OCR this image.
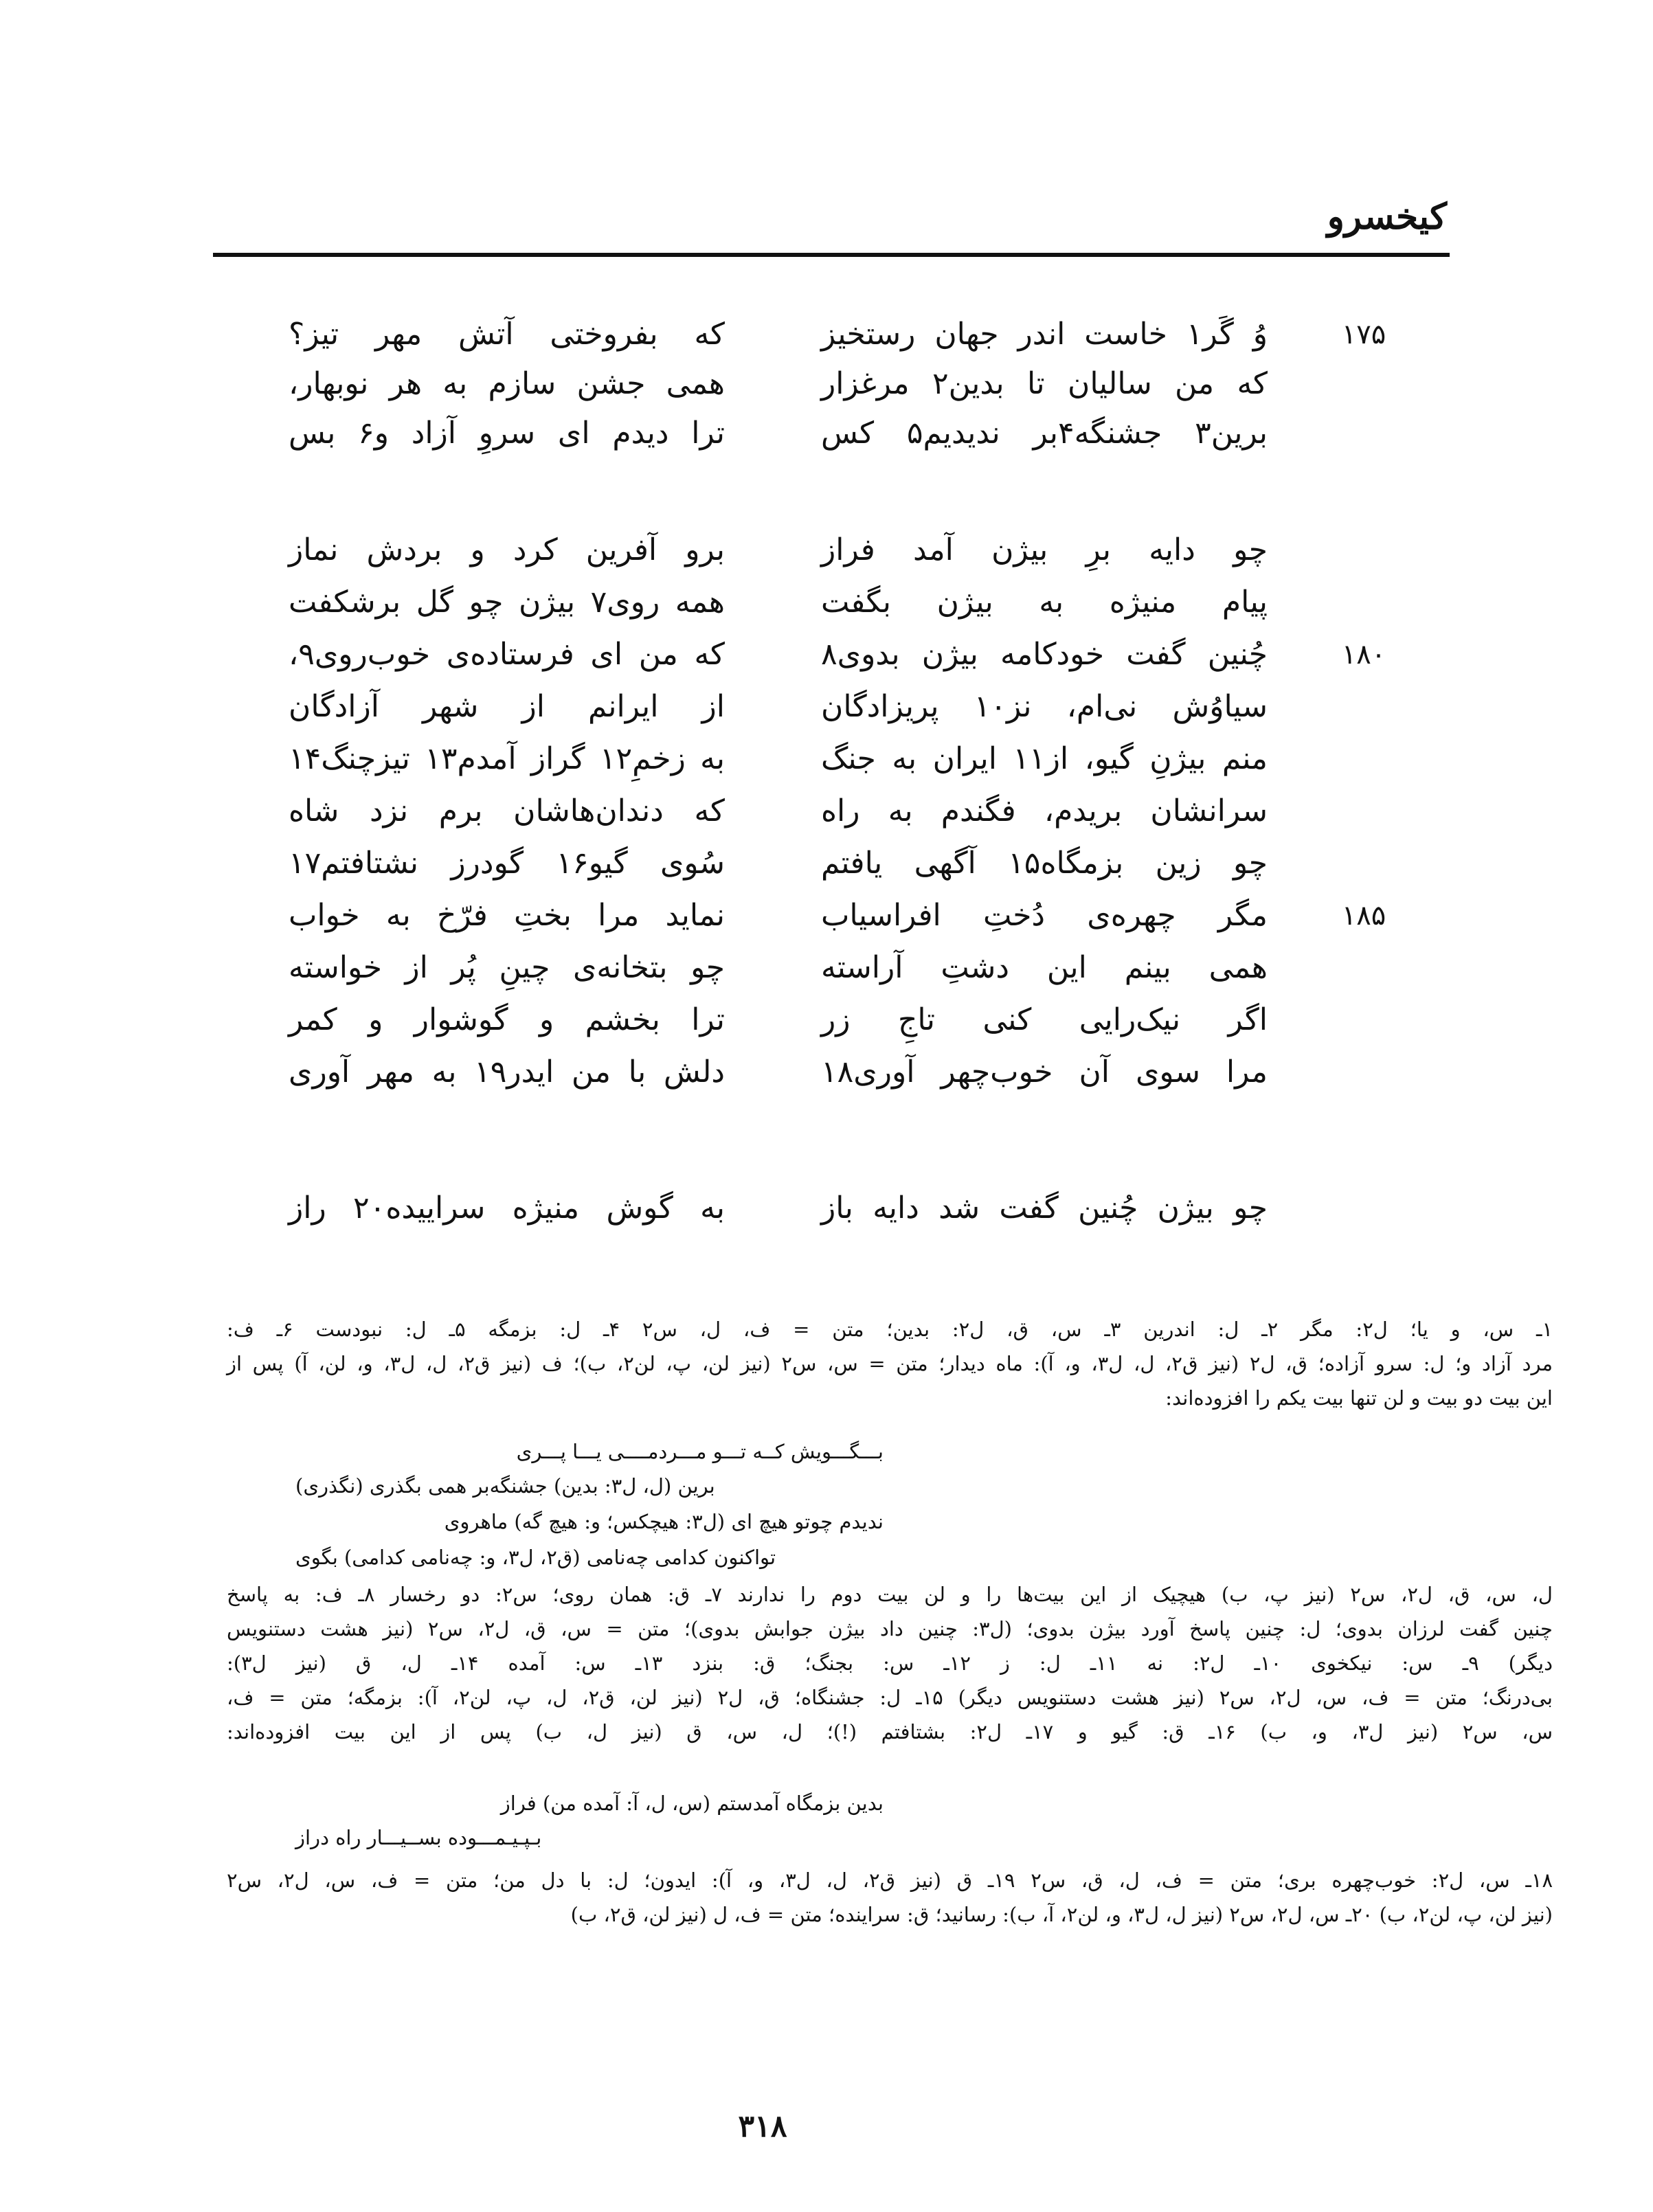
کیخسرو
۱۷۵
وُ گَر۱ خاست اندر جهان رستخیز
که بفروختی آتش مهر تیز؟
که من سالیان تا بدین۲ مرغزار
همی جشن سازم به هر نوبهار،
برین۳ جشنگه۴بر ندیدیم۵ کس
ترا دیدم ای سروِ آزاد و۶ بس
چو دایه برِ بیژن آمد فراز
برو آفرین کرد و بردش نماز
پیام منیژه به بیژن بگفت
همه روی۷ بیژن چو گل برشکفت
۱۸۰
چُنین گفت خودکامه بیژن بدوی۸
که من ای فرستاده‌ی خوب‌روی۹،
سیاوُش نی‌ام، نز۱۰ پریزادگان
از ایرانم از شهر آزادگان
منم بیژنِ گیو، از۱۱ ایران به جنگ
به زخمِ۱۲ گراز آمدم۱۳ تیزچنگ۱۴
سرانشان بریدم، فگندم به راه
که دندان‌هاشان برم نزد شاه
چو زین بزمگاه۱۵ آگهی یافتم
سُوی گیو۱۶ گودرز نشتافتم۱۷
۱۸۵
مگر چهره‌ی دُختِ افراسیاب
نماید مرا بختِ فرّخ به خواب
همی بینم این دشتِ آراسته
چو بتخانه‌ی چینِ پُر از خواسته
اگر نیک‌رایی کنی تاجِ زر
ترا بخشم و گوشوار و کمر
مرا سوی آن خوب‌چهر آوری۱۸
دلش با من ایدر۱۹ به مهر آوری
چو بیژن چُنین گفت شد دایه باز
به گوش منیژه سراییده۲۰ راز
۱ـ س، و یا؛ ل۲: مگر ۲ـ ل: اندرین ۳ـ س، ق، ل۲: بدین؛ متن = ف، ل، س۲ ۴ـ ل: بزمگه ۵ـ ل: نبودست ۶ـ ف:
مرد آزاد و؛ ل: سرو آزاده؛ ق، ل۲ (نیز ق۲، ل، ل۳، و، آ): ماه دیدار؛ متن = س، س۲ (نیز لن، پ، لن۲، ب)؛ ف (نیز ق۲، ل، ل۳، و، لن، آ) پس از
این بیت دو بیت و لن تنها بیت یکم را افزوده‌اند:
بـــگـــویش کــه تـــو مـــردمــــی یـــا پـــری
برین (ل، ل۳: بدین) جشنگه‌بر همی بگذری (نگذری)
ندیدم چوتو هیچ ای (ل۳: هیچکس؛ و: هیچ گه) ماهروی
تواکنون کدامی چه‌نامی (ق۲، ل۳، و: چه‌نامی کدامی) بگوی
ل، س، ق، ل۲، س۲ (نیز پ، ب) هیچیک از این بیت‌ها را و لن بیت دوم را ندارند ۷ـ ق: همان روی؛ س۲: دو رخسار ۸ـ ف: به پاسخ
چنین گفت لرزان بدوی؛ ل: چنین پاسخ آورد بیژن بدوی؛ (ل۳: چنین داد بیژن جوابش بدوی)؛ متن = س، ق، ل۲، س۲ (نیز هشت دستنویس
دیگر) ۹ـ س: نیکخوی ۱۰ـ ل۲: نه ۱۱ـ ل: ز ۱۲ـ س: بجنگ؛ ق: بنزد ۱۳ـ س: آمده ۱۴ـ ل، ق (نیز ل۳):
بی‌درنگ؛ متن = ف، س، ل۲، س۲ (نیز هشت دستنویس دیگر) ۱۵ـ ل: جشنگاه؛ ق، ل۲ (نیز لن، ق۲، ل، پ، لن۲، آ): بزمگه؛ متن = ف،
س، س۲ (نیز ل۳، و، ب) ۱۶ـ ق: گیو و ۱۷ـ ل۲: بشتافتم (!)؛ ل، س، ق (نیز ل، ب) پس از این بیت افزوده‌اند:
بدین بزمگاه آمدستم (س، ل، آ: آمده من) فراز
بـپـیـمـــوده بســیـــار راه دراز
۱۸ـ س، ل۲: خوب‌چهره بری؛ متن = ف، ل، ق، س۲ ۱۹ـ ق (نیز ق۲، ل، ل۳، و، آ): ایدون؛ ل: با دل من؛ متن = ف، س، ل۲، س۲
(نیز لن، پ، لن۲، ب) ۲۰ـ س، ل۲، س۲ (نیز ل، ل۳، و، لن۲، آ، ب): رسانید؛ ق: سراینده؛ متن = ف، ل (نیز لن، ق۲، ب)
۳۱۸
